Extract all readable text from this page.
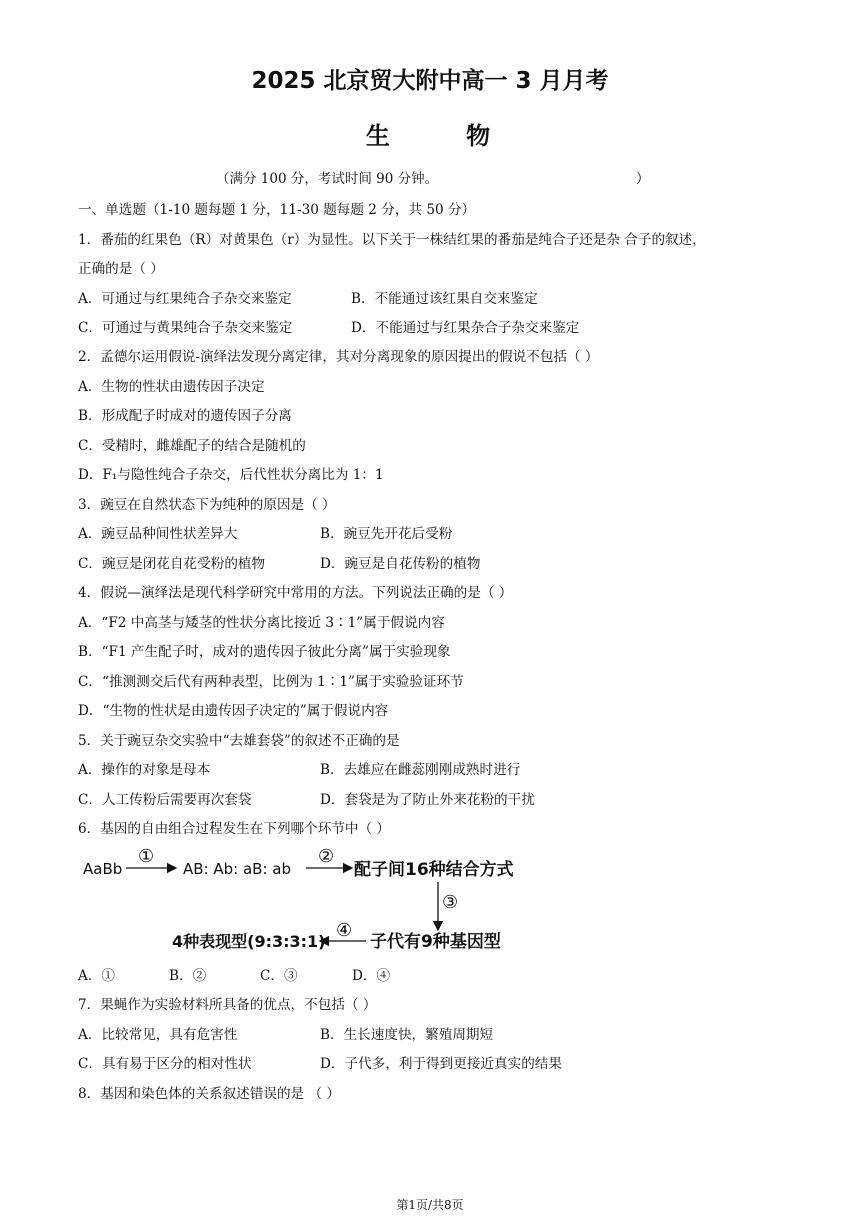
2025 北京贸大附中高一 3 月月考
生 物
（满分 100 分，考试时间 90 分钟。	）
一、单选题（1-10 题每题 1 分，11-30 题每题 2 分，共 50 分）
1．番茄的红果色（R）对黄果色（r）为显性。以下关于一株结红果的番茄是纯合子还是杂 合子的叙述，
正确的是（ ）
A．可通过与红果纯合子杂交来鉴定	B．不能通过该红果自交来鉴定
C．可通过与黄果纯合子杂交来鉴定	D．不能通过与红果杂合子杂交来鉴定
2．孟德尔运用假说-演绎法发现分离定律，其对分离现象的原因提出的假说不包括（ ）
A．生物的性状由遗传因子决定
B．形成配子时成对的遗传因子分离
C．受精时，雌雄配子的结合是随机的
D．F₁与隐性纯合子杂交，后代性状分离比为 1：1
3．豌豆在自然状态下为纯种的原因是（ ）
A．豌豆品种间性状差异大	B．豌豆先开花后受粉
C．豌豆是闭花自花受粉的植物	D．豌豆是自花传粉的植物
4．假说—演绎法是现代科学研究中常用的方法。下列说法正确的是（ ）
A．“F2 中高茎与矮茎的性状分离比接近 3∶1”属于假说内容
B．“F1 产生配子时，成对的遗传因子彼此分离”属于实验现象
C．“推测测交后代有两种表型，比例为 1∶1”属于实验验证环节
D．“生物的性状是由遗传因子决定的”属于假说内容
5．关于豌豆杂交实验中“去雄套袋”的叙述不正确的是
A．操作的对象是母本	B．去雄应在雌蕊刚刚成熟时进行
C．人工传粉后需要再次套袋	D．套袋是为了防止外来花粉的干扰
6．基因的自由组合过程发生在下列哪个环节中（ ）
AaBb
①
AB: Ab: aB: ab
②
配子间16种结合方式
③
子代有9种基因型
④
4种表现型(9:3:3:1)
A．①	B．②	C．③	D．④
7．果蝇作为实验材料所具备的优点，不包括（ ）
A．比较常见，具有危害性	B．生长速度快，繁殖周期短
C．具有易于区分的相对性状	D．子代多，利于得到更接近真实的结果
8．基因和染色体的关系叙述错误的是 （ ）
第1页/共8页
